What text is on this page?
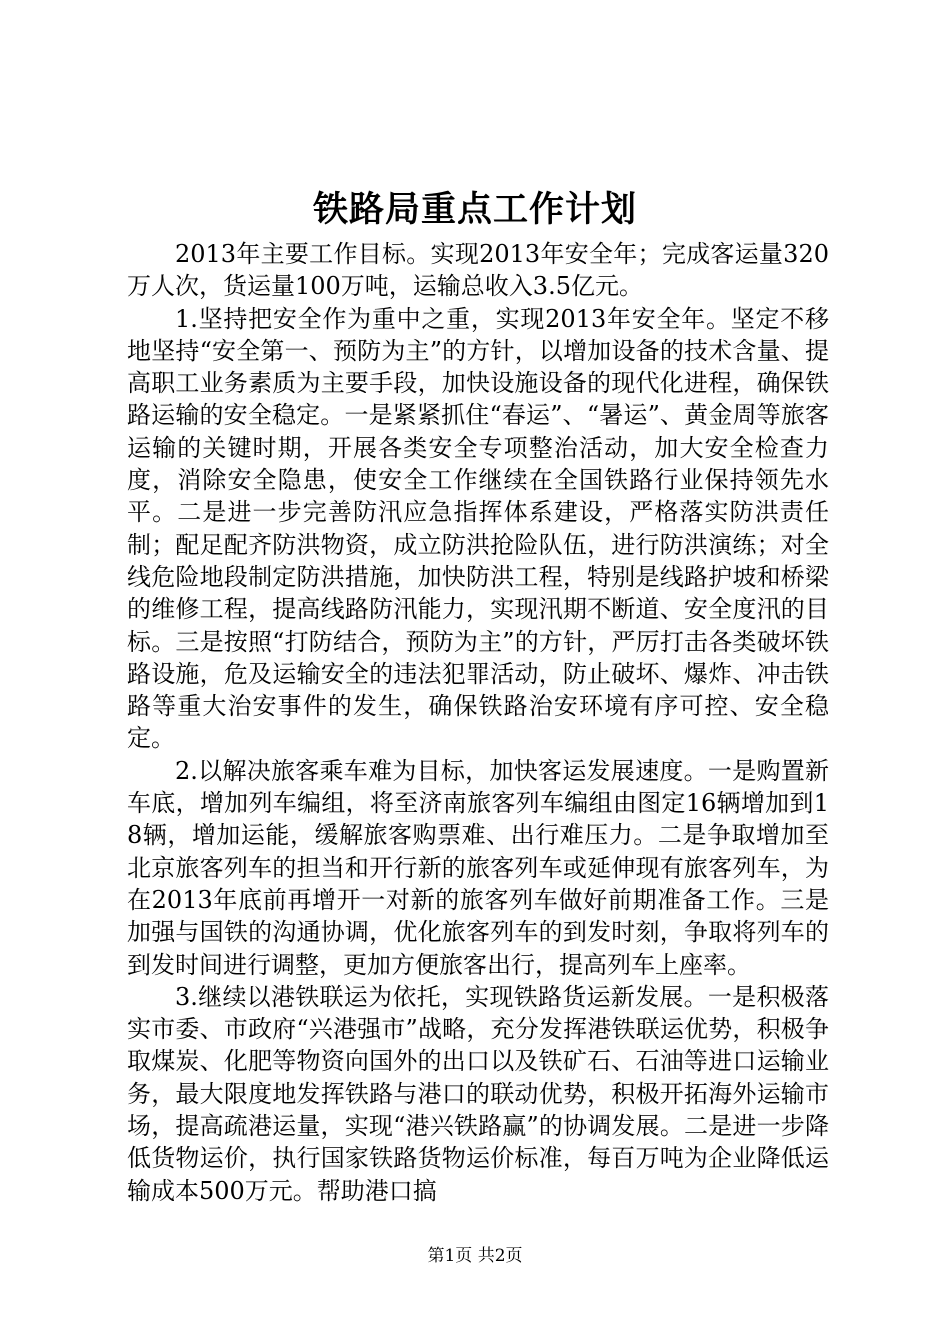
铁路局重点工作计划

2013年主要工作目标。实现2013年安全年；完成客运量320万人次，货运量100万吨，运输总收入3.5亿元。

1.坚持把安全作为重中之重，实现2013年安全年。坚定不移地坚持“安全第一、预防为主”的方针，以增加设备的技术含量、提高职工业务素质为主要手段，加快设施设备的现代化进程，确保铁路运输的安全稳定。一是紧紧抓住“春运”、“暑运”、黄金周等旅客运输的关键时期，开展各类安全专项整治活动，加大安全检查力度，消除安全隐患，使安全工作继续在全国铁路行业保持领先水平。二是进一步完善防汛应急指挥体系建设，严格落实防洪责任制；配足配齐防洪物资，成立防洪抢险队伍，进行防洪演练；对全线危险地段制定防洪措施，加快防洪工程，特别是线路护坡和桥梁的维修工程，提高线路防汛能力，实现汛期不断道、安全度汛的目标。三是按照“打防结合，预防为主”的方针，严厉打击各类破坏铁路设施，危及运输安全的违法犯罪活动，防止破坏、爆炸、冲击铁路等重大治安事件的发生，确保铁路治安环境有序可控、安全稳定。

2.以解决旅客乘车难为目标，加快客运发展速度。一是购置新车底，增加列车编组，将至济南旅客列车编组由图定16辆增加到18辆，增加运能，缓解旅客购票难、出行难压力。二是争取增加至北京旅客列车的担当和开行新的旅客列车或延伸现有旅客列车，为在2013年底前再增开一对新的旅客列车做好前期准备工作。三是加强与国铁的沟通协调，优化旅客列车的到发时刻，争取将列车的到发时间进行调整，更加方便旅客出行，提高列车上座率。

3.继续以港铁联运为依托，实现铁路货运新发展。一是积极落实市委、市政府“兴港强市”战略，充分发挥港铁联运优势，积极争取煤炭、化肥等物资向国外的出口以及铁矿石、石油等进口运输业务，最大限度地发挥铁路与港口的联动优势，积极开拓海外运输市场，提高疏港运量，实现“港兴铁路赢”的协调发展。二是进一步降低货物运价，执行国家铁路货物运价标准，每百万吨为企业降低运输成本500万元。帮助港口搞

第1页 共2页
